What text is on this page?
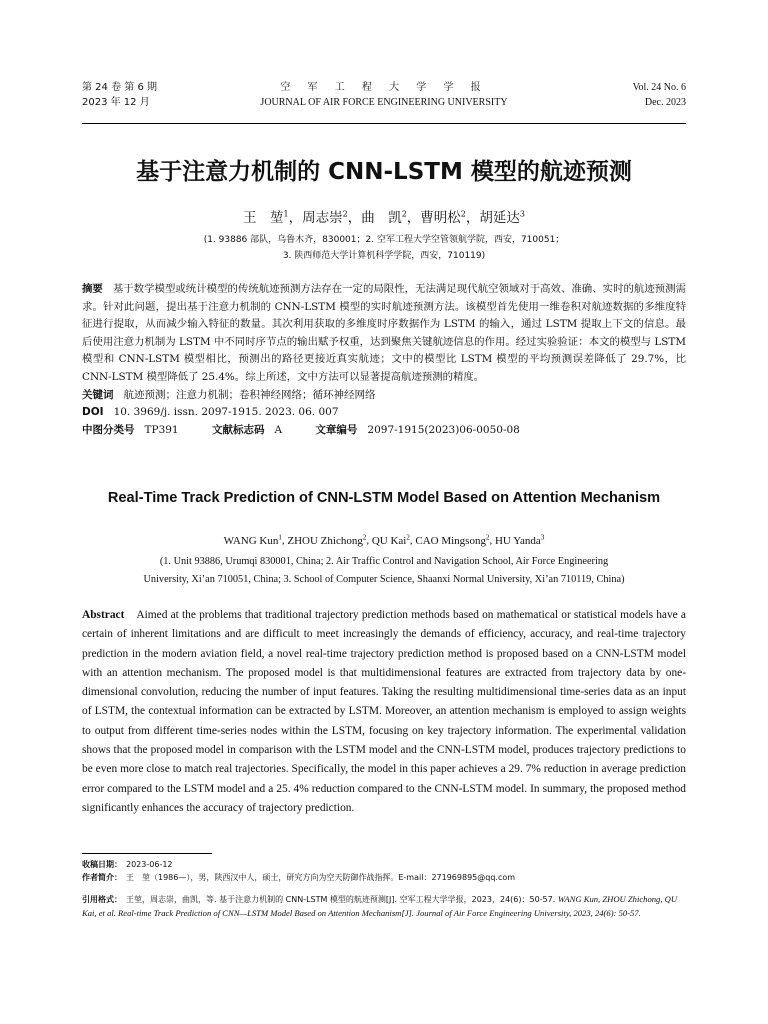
第 24 卷 第 6 期
2023 年 12 月
空 军 工 程 大 学 学 报
JOURNAL OF AIR FORCE ENGINEERING UNIVERSITY
Vol. 24 No. 6
Dec. 2023
基于注意力机制的 CNN-LSTM 模型的航迹预测
王　堃$^1$，周志崇$^2$，曲　凯$^2$，曹明松$^2$，胡延达$^3$
(1. 93886 部队，乌鲁木齐，830001；2. 空军工程大学空管领航学院，西安，710051；
3. 陕西师范大学计算机科学学院，西安，710119)
摘要 基于数学模型或统计模型的传统航迹预测方法存在一定的局限性，无法满足现代航空领域对于高效、准确、实时的航迹预测需求。针对此问题，提出基于注意力机制的 CNN-LSTM 模型的实时航迹预测方法。该模型首先使用一维卷积对航迹数据的多维度特征进行提取，从而减少输入特征的数量。其次利用获取的多维度时序数据作为 LSTM 的输入，通过 LSTM 提取上下文的信息。最后使用注意力机制为 LSTM 中不同时序节点的输出赋予权重，达到聚焦关键航迹信息的作用。经过实验验证：本文的模型与 LSTM 模型和 CNN-LSTM 模型相比，预测出的路径更接近真实航迹；文中的模型比 LSTM 模型的平均预测误差降低了 29.7%，比 CNN-LSTM 模型降低了 25.4%。综上所述，文中方法可以显著提高航迹预测的精度。
关键词 航迹预测；注意力机制；卷积神经网络；循环神经网络
DOI 10. 3969/j. issn. 2097-1915. 2023. 06. 007
中图分类号 TP391	文献标志码 A	文章编号 2097-1915(2023)06-0050-08
Real-Time Track Prediction of CNN-LSTM Model Based on Attention Mechanism
WANG Kun$^1$, ZHOU Zhichong$^2$, QU Kai$^2$, CAO Mingsong$^2$, HU Yanda$^3$
(1. Unit 93886, Urumqi 830001, China; 2. Air Traffic Control and Navigation School, Air Force Engineering
University, Xi’an 710051, China; 3. School of Computer Science, Shaanxi Normal University, Xi’an 710119, China)
Abstract Aimed at the problems that traditional trajectory prediction methods based on mathematical or statistical models have a certain of inherent limitations and are difficult to meet increasingly the demands of efficiency, accuracy, and real-time trajectory prediction in the modern aviation field, a novel real-time trajectory prediction method is proposed based on a CNN-LSTM model with an attention mechanism. The proposed model is that multidimensional features are extracted from trajectory data by one-dimensional convolution, reducing the number of input features. Taking the resulting multidimensional time-series data as an input of LSTM, the contextual information can be extracted by LSTM. Moreover, an attention mechanism is employed to assign weights to output from different time-series nodes within the LSTM, focusing on key trajectory information. The experimental validation shows that the proposed model in comparison with the LSTM model and the CNN-LSTM model, produces trajectory predictions to be even more close to match real trajectories. Specifically, the model in this paper achieves a 29. 7% reduction in average prediction error compared to the LSTM model and a 25. 4% reduction compared to the CNN-LSTM model. In summary, the proposed method significantly enhances the accuracy of trajectory prediction.
收稿日期： 2023-06-12
作者简介： 王　堃（1986—），男，陕西汉中人，硕士，研究方向为空天防御作战指挥。E-mail：271969895@qq.com
引用格式： 王堃，周志崇，曲凯，等. 基于注意力机制的 CNN-LSTM 模型的航迹预测[J]. 空军工程大学学报，2023，24(6)：50-57. WANG Kun, ZHOU Zhichong, QU Kai, et al. Real-time Track Prediction of CNN—LSTM Model Based on Attention Mechanism[J]. Journal of Air Force Engineering University, 2023, 24(6): 50-57.
